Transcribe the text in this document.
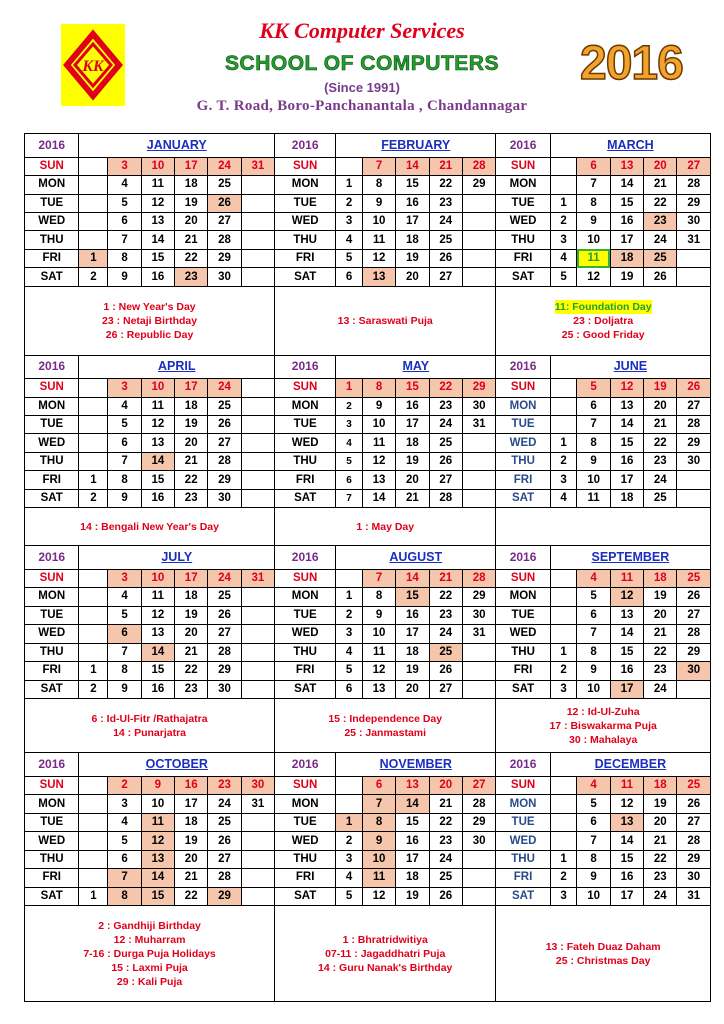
KK
KK Computer Services
SCHOOL OF COMPUTERS
(Since 1991)
G. T. Road, Boro-Panchanantala , Chandannagar
2016
2016	JANUARY						2016	FEBRUARY					2016	MARCH				
SUN		3	10	17	24	31	SUN		7	14	21	28	SUN		6	13	20	27
MON		4	11	18	25		MON	1	8	15	22	29	MON		7	14	21	28
TUE		5	12	19	26		TUE	2	9	16	23		TUE	1	8	15	22	29
WED		6	13	20	27		WED	3	10	17	24		WED	2	9	16	23	30
THU		7	14	21	28		THU	4	11	18	25		THU	3	10	17	24	31
FRI	1	8	15	22	29		FRI	5	12	19	26		FRI	4	11	18	25	
SAT	2	9	16	23	30		SAT	6	13	20	27		SAT	5	12	19	26	

1 : New Year's Day
23 : Netaji Birthday
26 : Republic Day							13 : Saraswati Puja						11: Foundation Day
23 : Doljatra
25 : Good Friday					

2016	APRIL						2016	MAY					2016	JUNE				
SUN		3	10	17	24		SUN	1	8	15	22	29	SUN		5	12	19	26
MON		4	11	18	25		MON	2	9	16	23	30	MON		6	13	20	27
TUE		5	12	19	26		TUE	3	10	17	24	31	TUE		7	14	21	28
WED		6	13	20	27		WED	4	11	18	25		WED	1	8	15	22	29
THU		7	14	21	28		THU	5	12	19	26		THU	2	9	16	23	30
FRI	1	8	15	22	29		FRI	6	13	20	27		FRI	3	10	17	24	
SAT	2	9	16	23	30		SAT	7	14	21	28		SAT	4	11	18	25	

14 : Bengali New Year's Day							1 : May Day											

2016	JULY						2016	AUGUST					2016	SEPTEMBER				
SUN		3	10	17	24	31	SUN		7	14	21	28	SUN		4	11	18	25
MON		4	11	18	25		MON	1	8	15	22	29	MON		5	12	19	26
TUE		5	12	19	26		TUE	2	9	16	23	30	TUE		6	13	20	27
WED		6	13	20	27		WED	3	10	17	24	31	WED		7	14	21	28
THU		7	14	21	28		THU	4	11	18	25		THU	1	8	15	22	29
FRI	1	8	15	22	29		FRI	5	12	19	26		FRI	2	9	16	23	30
SAT	2	9	16	23	30		SAT	6	13	20	27		SAT	3	10	17	24	

6 : Id-Ul-Fitr /Rathajatra
14 : Punarjatra							15 : Independence Day
25 : Janmastami						12 : Id-Ul-Zuha
17 : Biswakarma Puja
30 : Mahalaya					

2016	OCTOBER						2016	NOVEMBER					2016	DECEMBER				
SUN		2	9	16	23	30	SUN		6	13	20	27	SUN		4	11	18	25
MON		3	10	17	24	31	MON		7	14	21	28	MON		5	12	19	26
TUE		4	11	18	25		TUE	1	8	15	22	29	TUE		6	13	20	27
WED		5	12	19	26		WED	2	9	16	23	30	WED		7	14	21	28
THU		6	13	20	27		THU	3	10	17	24		THU	1	8	15	22	29
FRI		7	14	21	28		FRI	4	11	18	25		FRI	2	9	16	23	30
SAT	1	8	15	22	29		SAT	5	12	19	26		SAT	3	10	17	24	31

2 : Gandhiji Birthday
12 : Muharram
7-16 : Durga Puja Holidays
15 : Laxmi Puja
29 : Kali Puja							1 : Bhratridwitiya
07-11 : Jagaddhatri Puja
14 : Guru Nanak's Birthday						13 : Fateh Duaz Daham
25 : Christmas Day					
